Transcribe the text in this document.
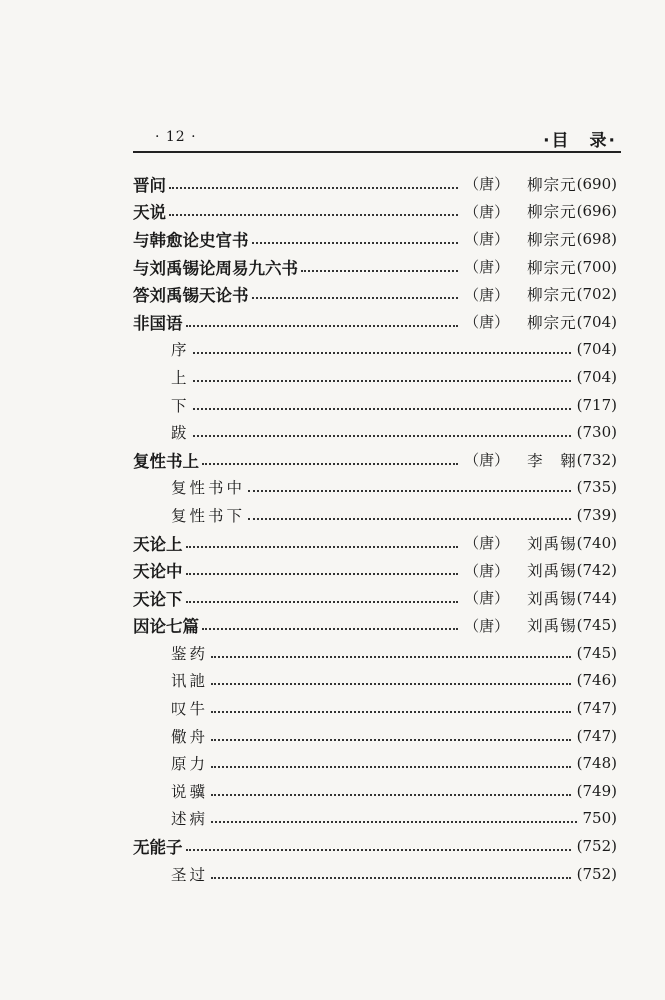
· 12 ·	·目　录·
晋问	（唐） 柳宗元 (690)
天说	（唐） 柳宗元 (696)
与韩愈论史官书	（唐） 柳宗元 (698)
与刘禹锡论周易九六书	（唐） 柳宗元 (700)
答刘禹锡天论书	（唐） 柳宗元 (702)
非国语	（唐） 柳宗元 (704)
序	(704)
上	(704)
下	(717)
跋	(730)
复性书上	（唐） 李　翱 (732)
复性书中	(735)
复性书下	(739)
天论上	（唐） 刘禹锡 (740)
天论中	（唐） 刘禹锡 (742)
天论下	（唐） 刘禹锡 (744)
因论七篇	（唐） 刘禹锡 (745)
鉴药	(745)
讯訑	(746)
叹牛	(747)
儆舟	(747)
原力	(748)
说骥	(749)
述病	750)
无能子	(752)
圣过	(752)
